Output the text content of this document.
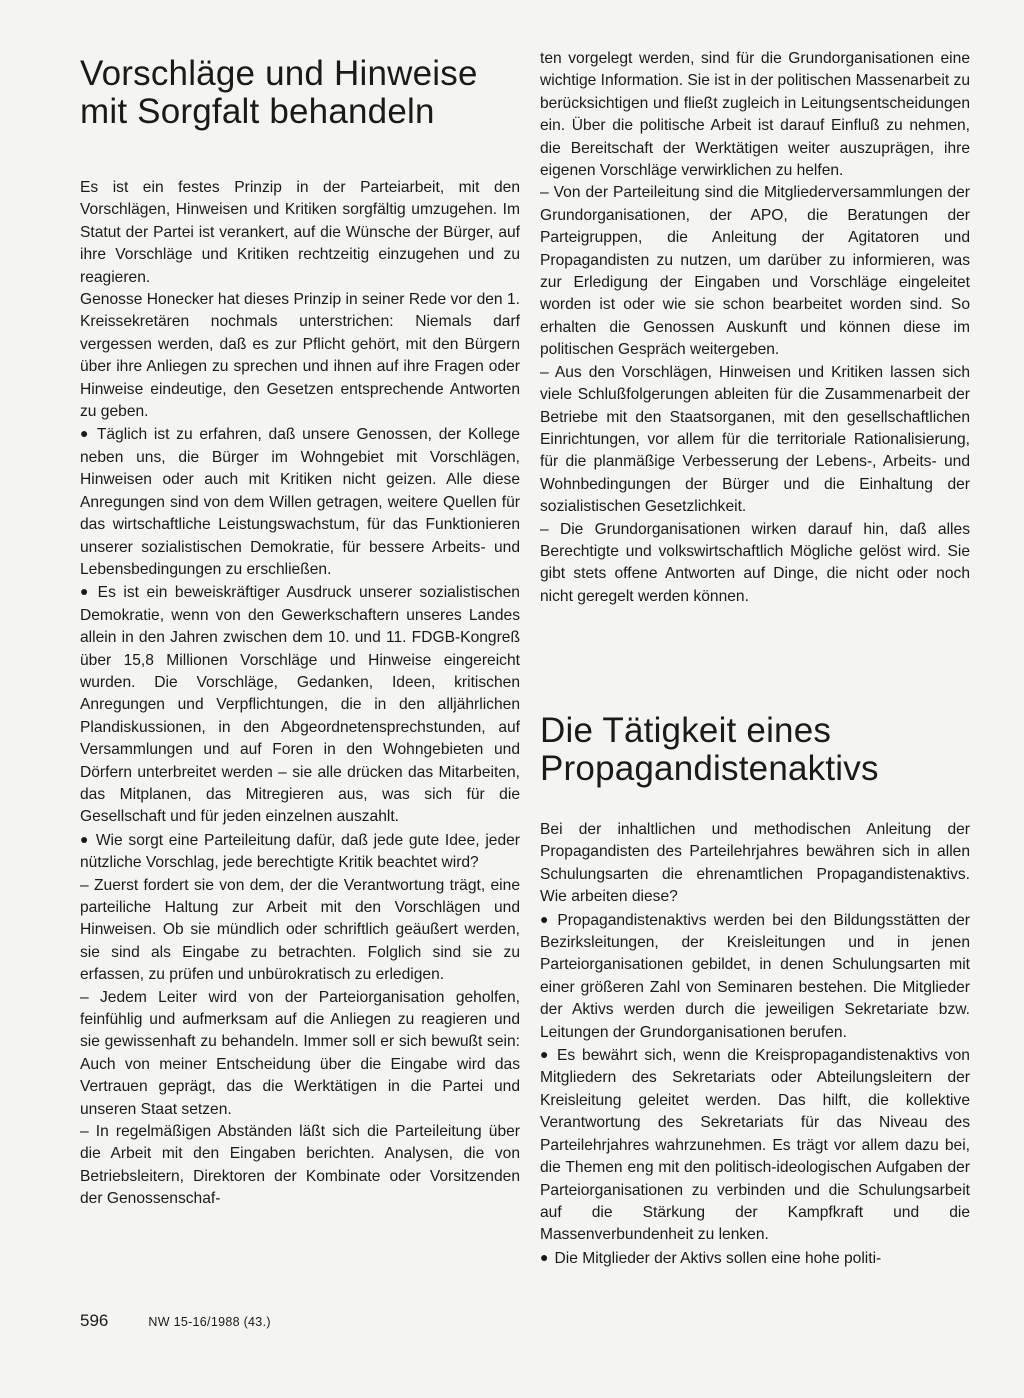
Vorschläge und Hinweise
mit Sorgfalt behandeln

Es ist ein festes Prinzip in der Parteiarbeit, mit den Vorschlägen, Hinweisen und Kritiken sorgfältig umzugehen. Im Statut der Partei ist verankert, auf die Wünsche der Bürger, auf ihre Vorschläge und Kritiken rechtzeitig einzugehen und zu reagieren.

Genosse Honecker hat dieses Prinzip in seiner Rede vor den 1. Kreissekretären nochmals unterstrichen: Niemals darf vergessen werden, daß es zur Pflicht gehört, mit den Bürgern über ihre Anliegen zu sprechen und ihnen auf ihre Fragen oder Hinweise eindeutige, den Gesetzen entsprechende Antworten zu geben.

● Täglich ist zu erfahren, daß unsere Genossen, der Kollege neben uns, die Bürger im Wohngebiet mit Vorschlägen, Hinweisen oder auch mit Kritiken nicht geizen. Alle diese Anregungen sind von dem Willen getragen, weitere Quellen für das wirtschaftliche Leistungswachstum, für das Funktionieren unserer sozialistischen Demokratie, für bessere Arbeits- und Lebensbedingungen zu erschließen.

● Es ist ein beweiskräftiger Ausdruck unserer sozialistischen Demokratie, wenn von den Gewerkschaftern unseres Landes allein in den Jahren zwischen dem 10. und 11. FDGB-Kongreß über 15,8 Millionen Vorschläge und Hinweise eingereicht wurden. Die Vorschläge, Gedanken, Ideen, kritischen Anregungen und Verpflichtungen, die in den alljährlichen Plandiskussionen, in den Abgeordnetensprechstunden, auf Versammlungen und auf Foren in den Wohngebieten und Dörfern unterbreitet werden – sie alle drücken das Mitarbeiten, das Mitplanen, das Mitregieren aus, was sich für die Gesellschaft und für jeden einzelnen auszahlt.

● Wie sorgt eine Parteileitung dafür, daß jede gute Idee, jeder nützliche Vorschlag, jede berechtigte Kritik beachtet wird?

– Zuerst fordert sie von dem, der die Verantwortung trägt, eine parteiliche Haltung zur Arbeit mit den Vorschlägen und Hinweisen. Ob sie mündlich oder schriftlich geäußert werden, sie sind als Eingabe zu betrachten. Folglich sind sie zu erfassen, zu prüfen und unbürokratisch zu erledigen.

– Jedem Leiter wird von der Parteiorganisation geholfen, feinfühlig und aufmerksam auf die Anliegen zu reagieren und sie gewissenhaft zu behandeln. Immer soll er sich bewußt sein: Auch von meiner Entscheidung über die Eingabe wird das Vertrauen geprägt, das die Werktätigen in die Partei und unseren Staat setzen.

– In regelmäßigen Abständen läßt sich die Parteileitung über die Arbeit mit den Eingaben berichten. Analysen, die von Betriebsleitern, Direktoren der Kombinate oder Vorsitzenden der Genossenschaf-

ten vorgelegt werden, sind für die Grundorganisationen eine wichtige Information. Sie ist in der politischen Massenarbeit zu berücksichtigen und fließt zugleich in Leitungsentscheidungen ein. Über die politische Arbeit ist darauf Einfluß zu nehmen, die Bereitschaft der Werktätigen weiter auszuprägen, ihre eigenen Vorschläge verwirklichen zu helfen.

– Von der Parteileitung sind die Mitgliederversammlungen der Grundorganisationen, der APO, die Beratungen der Parteigruppen, die Anleitung der Agitatoren und Propagandisten zu nutzen, um darüber zu informieren, was zur Erledigung der Eingaben und Vorschläge eingeleitet worden ist oder wie sie schon bearbeitet worden sind. So erhalten die Genossen Auskunft und können diese im politischen Gespräch weitergeben.

– Aus den Vorschlägen, Hinweisen und Kritiken lassen sich viele Schlußfolgerungen ableiten für die Zusammenarbeit der Betriebe mit den Staatsorganen, mit den gesellschaftlichen Einrichtungen, vor allem für die territoriale Rationalisierung, für die planmäßige Verbesserung der Lebens-, Arbeits- und Wohnbedingungen der Bürger und die Einhaltung der sozialistischen Gesetzlichkeit.

– Die Grundorganisationen wirken darauf hin, daß alles Berechtigte und volkswirtschaftlich Mögliche gelöst wird. Sie gibt stets offene Antworten auf Dinge, die nicht oder noch nicht geregelt werden können.

Die Tätigkeit eines
Propagandistenaktivs

Bei der inhaltlichen und methodischen Anleitung der Propagandisten des Parteilehrjahres bewähren sich in allen Schulungsarten die ehrenamtlichen Propagandistenaktivs. Wie arbeiten diese?

● Propagandistenaktivs werden bei den Bildungsstätten der Bezirksleitungen, der Kreisleitungen und in jenen Parteiorganisationen gebildet, in denen Schulungsarten mit einer größeren Zahl von Seminaren bestehen. Die Mitglieder der Aktivs werden durch die jeweiligen Sekretariate bzw. Leitungen der Grundorganisationen berufen.

● Es bewährt sich, wenn die Kreispropagandistenaktivs von Mitgliedern des Sekretariats oder Abteilungsleitern der Kreisleitung geleitet werden. Das hilft, die kollektive Verantwortung des Sekretariats für das Niveau des Parteilehrjahres wahrzunehmen. Es trägt vor allem dazu bei, die Themen eng mit den politisch-ideologischen Aufgaben der Parteiorganisationen zu verbinden und die Schulungsarbeit auf die Stärkung der Kampfkraft und die Massenverbundenheit zu lenken.

● Die Mitglieder der Aktivs sollen eine hohe politi-

596	NW 15-16/1988 (43.)
